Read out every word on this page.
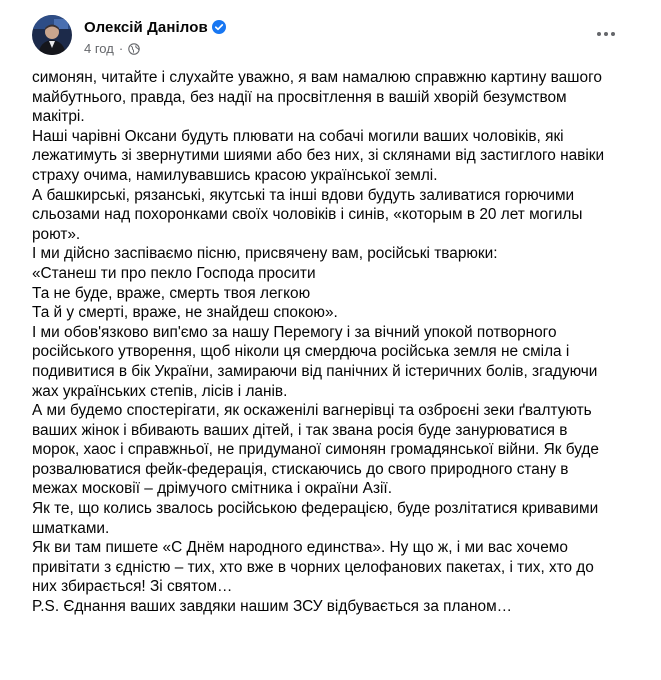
Олексій Данілов
4 год ·

симонян, читайте і слухайте уважно, я вам намалюю справжню картину вашого
майбутнього, правда, без надії на просвітлення в вашій хворій безумством
макітрі.

Наші чарівні Оксани будуть плювати на собачі могили ваших чоловіків, які
лежатимуть зі звернутими шиями або без них, зі склянами від застиглого навіки
страху очима, намилувавшись красою української землі.

А башкирські, рязанські, якутські та інші вдови будуть заливатися горючими
сльозами над похоронками своїх чоловіків і синів, «которым в 20 лет могилы
роют».

І ми дійсно заспіваємо пісню, присвячену вам, російські тварюки:

«Станеш ти про пекло Господа просити

Та не буде, враже, смерть твоя легкою

Та й у смерті, вражe, не знайдеш спокою».

І ми обов'язково вип'ємо за нашу Перемогу і за вічний упокой потворного
російського утворення, щоб ніколи ця смердюча російська земля не сміла і
подивитися в бік України, замираючи від панічних й істеричних болів, згадуючи
жах українських степів, лісів і ланів.

А ми будемо спостерігати, як оскаженілі вагнерівці та озброєні зеки ґвалтують
ваших жінок і вбивають ваших дітей, і так звана росія буде занурюватися в
морок, хаос і справжньої, не придуманої симонян громадянської війни. Як буде
розвалюватися фейк-федерація, стискаючись до свого природного стану в
межах московії – дрімучого смітника і окраїни Азії.

Як те, що колись звалось російською федерацією, буде розлітатися кривавими
шматками.

Як ви там пишете «С Днём народного единства». Ну що ж, і ми вас хочемо
привітати з єдністю – тих, хто вже в чорних целофанових пакетах, і тих, хто до
них збирається! Зі святом…

P.S. Єднання ваших завдяки нашим ЗСУ відбувається за планом…
